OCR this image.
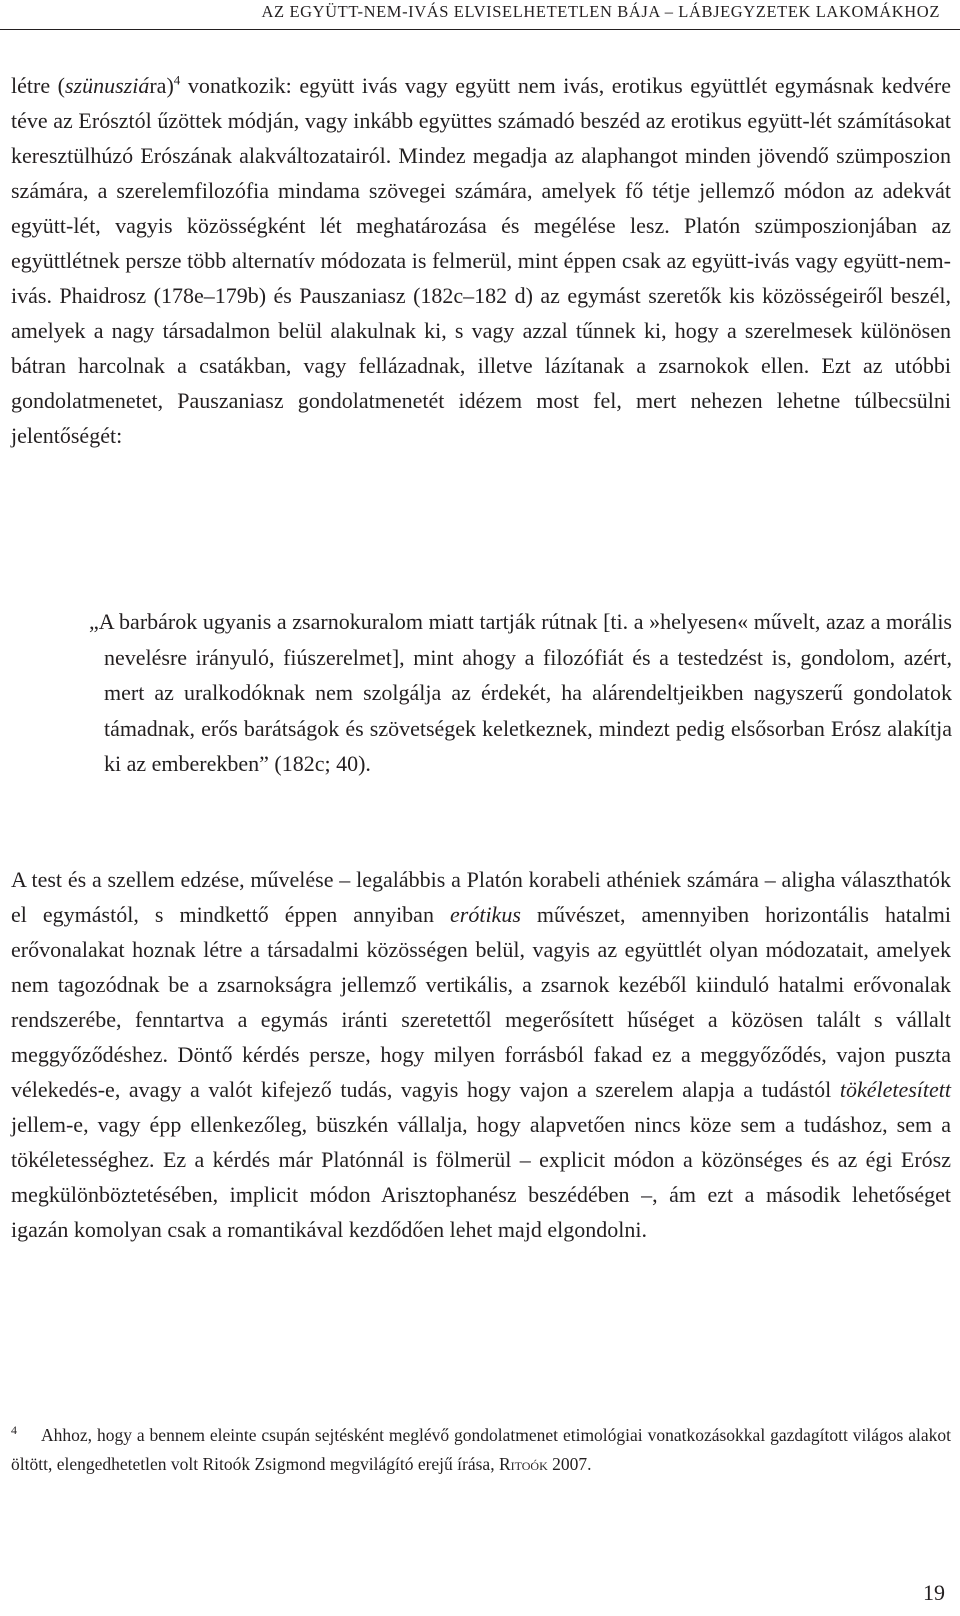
AZ EGYÜTT-NEM-IVÁS ELVISELHETETLEN BÁJA – LÁBJEGYZETEK LAKOMÁKHOZ

létre (szünusziára)$^4$ vonatkozik: együtt ivás vagy együtt nem ivás, erotikus együttlét egymásnak kedvére téve az Erósztól űzöttek módján, vagy inkább együttes számadó beszéd az erotikus együtt-lét számításokat keresztülhúzó Erószának alakváltozatairól. Mindez megadja az alaphangot minden jövendő szümposzion számára, a szerelemfilozófia mindama szövegei számára, amelyek fő tétje jellemző módon az adekvát együtt-lét, vagyis közösségként lét meghatározása és megélése lesz. Platón szümposzionjában az együttlétnek persze több alternatív módozata is felmerül, mint éppen csak az együtt-ivás vagy együtt-nem-ivás. Phaidrosz (178e–179b) és Pauszaniasz (182c–182 d) az egymást szeretők kis közösségeiről beszél, amelyek a nagy társadalmon belül alakulnak ki, s vagy azzal tűnnek ki, hogy a szerelmesek különösen bátran harcolnak a csatákban, vagy fellázadnak, illetve lázítanak a zsarnokok ellen. Ezt az utóbbi gondolatmenetet, Pauszaniasz gondolatmenetét idézem most fel, mert nehezen lehetne túlbecsülni jelentőségét:

„A barbárok ugyanis a zsarnokuralom miatt tartják rútnak [ti. a »helyesen« művelt, azaz a morális nevelésre irányuló, fiúszerelmet], mint ahogy a filozófiát és a testedzést is, gondolom, azért, mert az uralkodóknak nem szolgálja az érdekét, ha alárendeltjeikben nagyszerű gondolatok támadnak, erős barátságok és szövetségek keletkeznek, mindezt pedig elsősorban Erósz alakítja ki az emberekben” (182c; 40).

A test és a szellem edzése, művelése – legalábbis a Platón korabeli athéniek számára – aligha választhatók el egymástól, s mindkettő éppen annyiban erótikus művészet, amennyiben horizontális hatalmi erővonalakat hoznak létre a társadalmi közösségen belül, vagyis az együttlét olyan módozatait, amelyek nem tagozódnak be a zsarnokságra jellemző vertikális, a zsarnok kezéből kiinduló hatalmi erővonalak rendszerébe, fenntartva a egymás iránti szeretettől megerősített hűséget a közösen talált s vállalt meggyőződéshez. Döntő kérdés persze, hogy milyen forrásból fakad ez a meggyőződés, vajon puszta vélekedés-e, avagy a valót kifejező tudás, vagyis hogy vajon a szerelem alapja a tudástól tökéletesített jellem-e, vagy épp ellenkezőleg, büszkén vállalja, hogy alapvetően nincs köze sem a tudáshoz, sem a tökéletességhez. Ez a kérdés már Platónnál is fölmerül – explicit módon a közönséges és az égi Erósz megkülönböztetésében, implicit módon Arisztophanész beszédében –, ám ezt a második lehetőséget igazán komolyan csak a romantikával kezdődően lehet majd elgondolni.

4 Ahhoz, hogy a bennem eleinte csupán sejtésként meglévő gondolatmenet etimológiai vonatkozásokkal gazdagított világos alakot öltött, elengedhetetlen volt Ritoók Zsigmond megvilágító erejű írása, Ritoók 2007.

19
